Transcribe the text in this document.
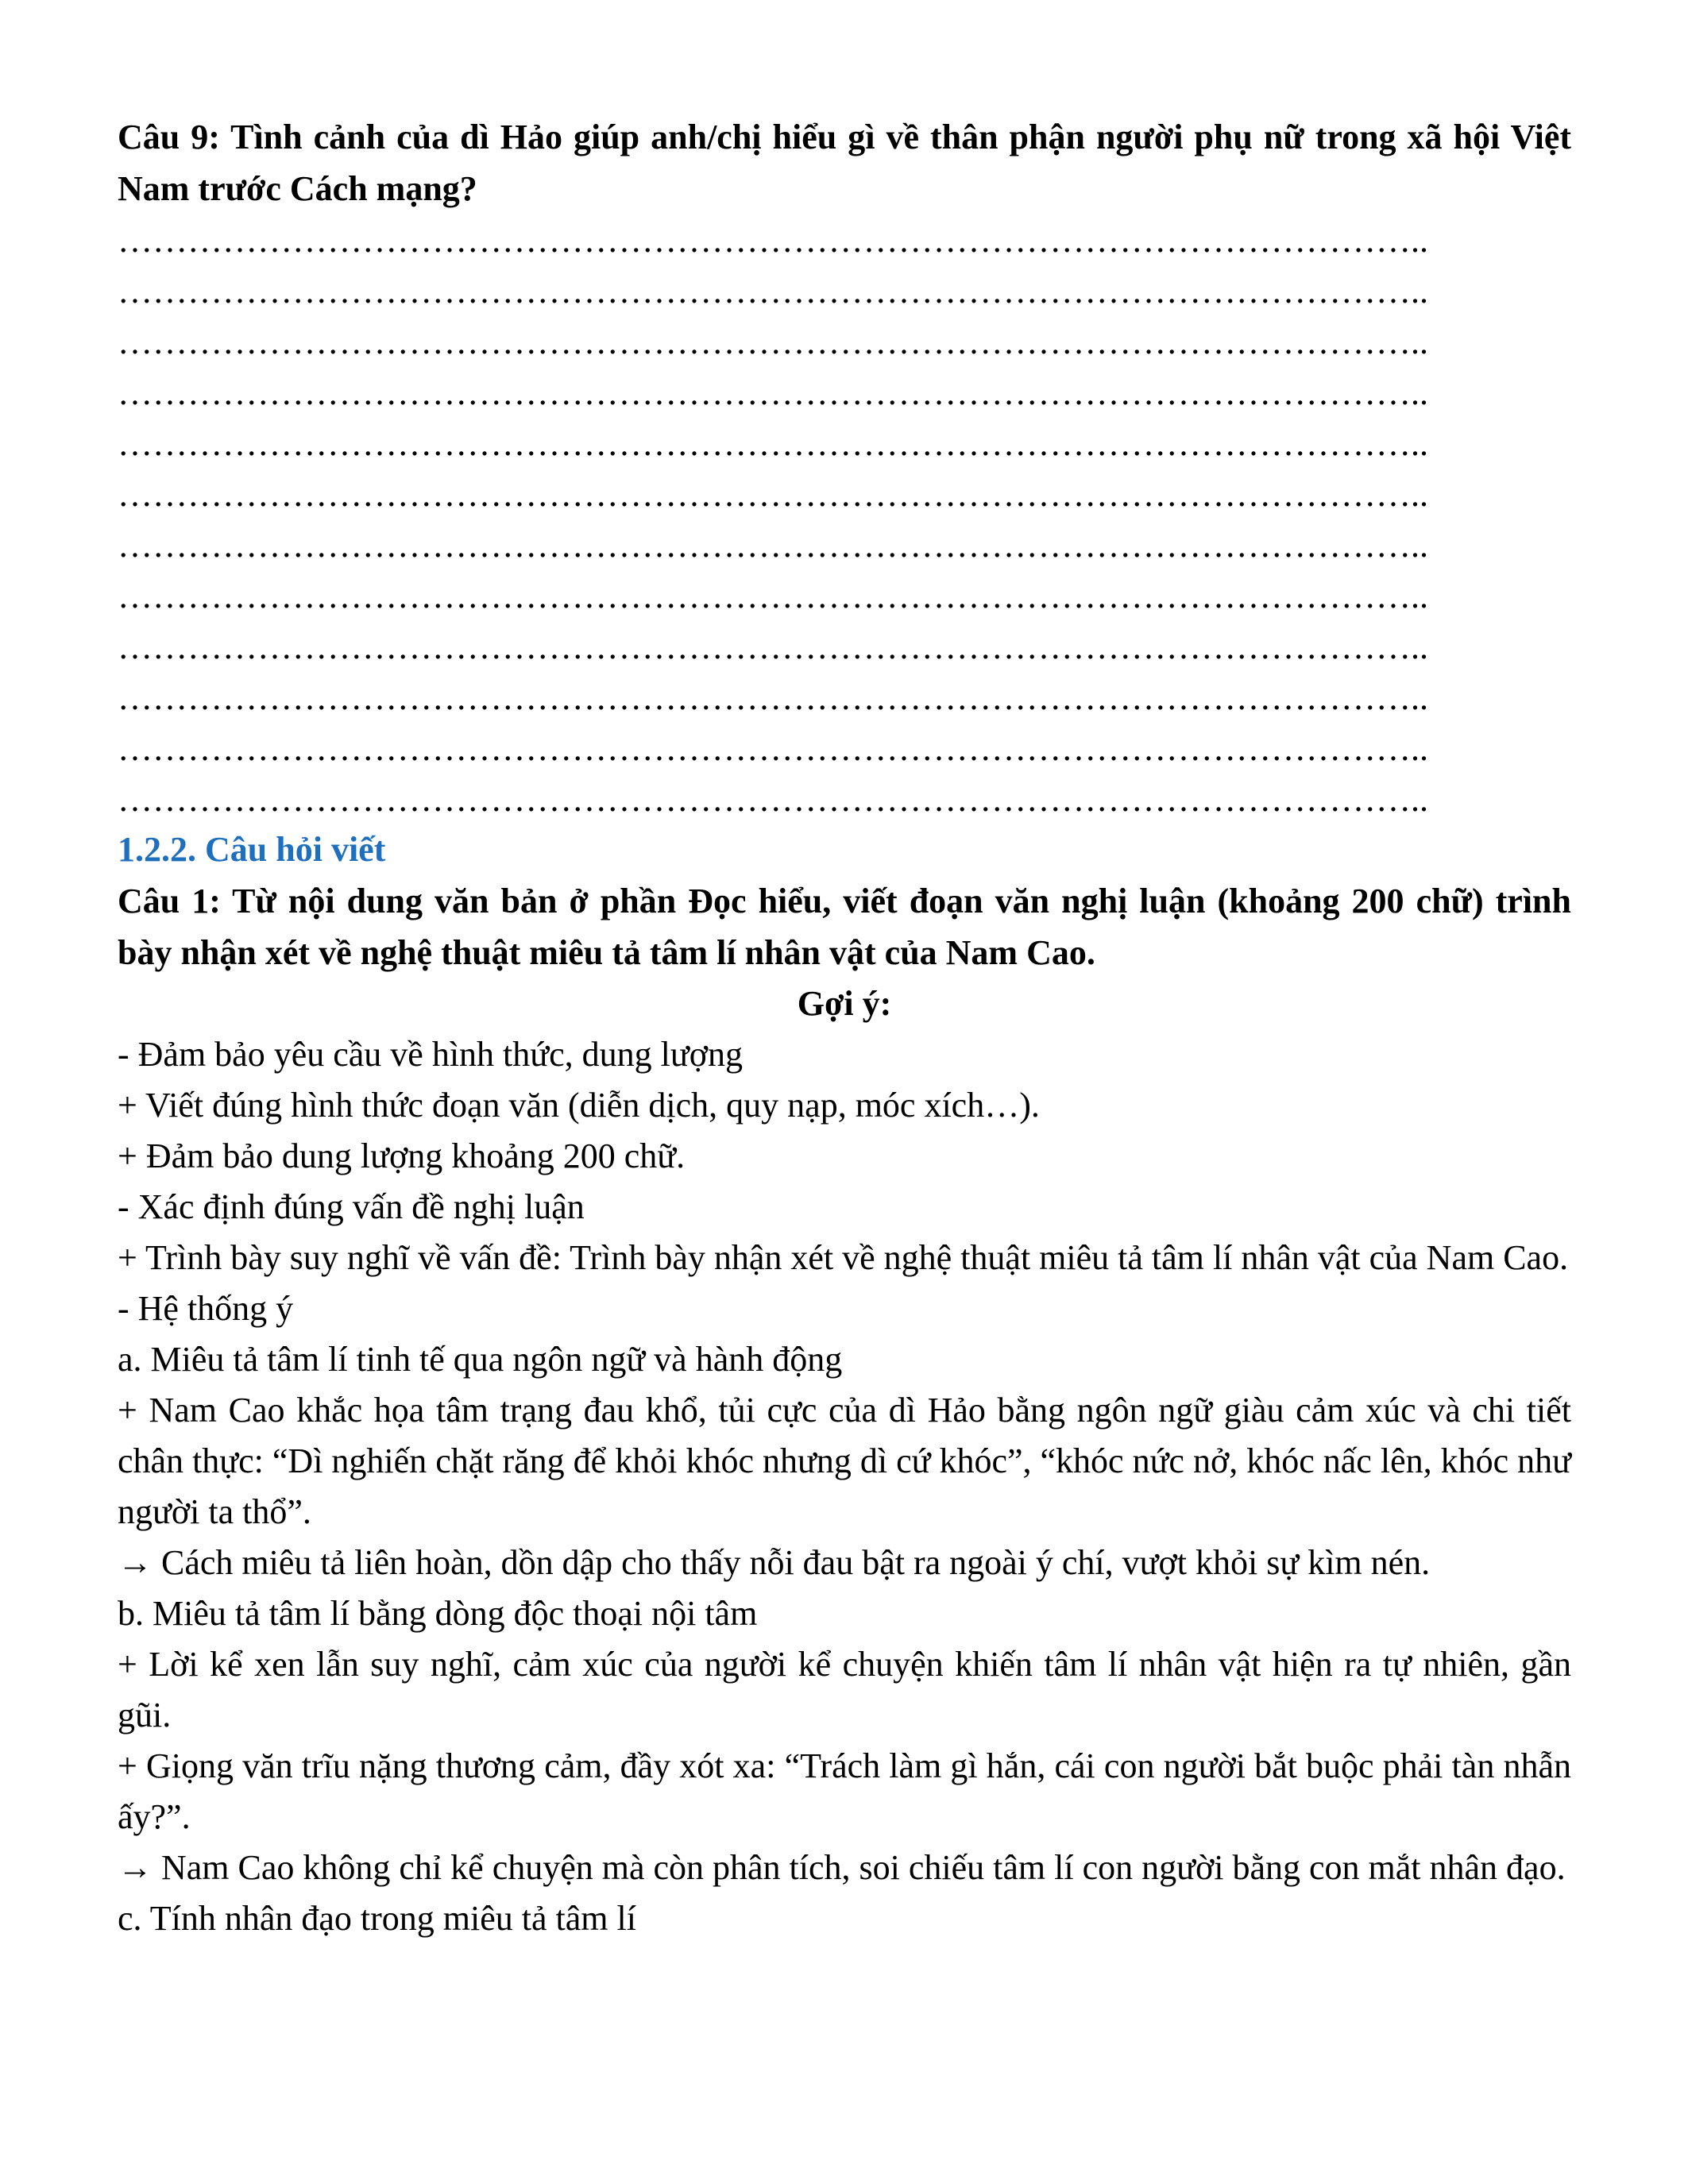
Câu 9: Tình cảnh của dì Hảo giúp anh/chị hiểu gì về thân phận người phụ nữ trong xã hội Việt Nam trước Cách mạng?

…………………………………………………………………………………………………..
…………………………………………………………………………………………………..
…………………………………………………………………………………………………..
…………………………………………………………………………………………………..
…………………………………………………………………………………………………..
…………………………………………………………………………………………………..
…………………………………………………………………………………………………..
…………………………………………………………………………………………………..
…………………………………………………………………………………………………..
…………………………………………………………………………………………………..
…………………………………………………………………………………………………..
…………………………………………………………………………………………………..

1.2.2. Câu hỏi viết

Câu 1: Từ nội dung văn bản ở phần Đọc hiểu, viết đoạn văn nghị luận (khoảng 200 chữ) trình bày nhận xét về nghệ thuật miêu tả tâm lí nhân vật của Nam Cao.

Gợi ý:

- Đảm bảo yêu cầu về hình thức, dung lượng

+ Viết đúng hình thức đoạn văn (diễn dịch, quy nạp, móc xích…).

+ Đảm bảo dung lượng khoảng 200 chữ.

- Xác định đúng vấn đề nghị luận

+ Trình bày suy nghĩ về vấn đề: Trình bày nhận xét về nghệ thuật miêu tả tâm lí nhân vật của Nam Cao.

- Hệ thống ý

a. Miêu tả tâm lí tinh tế qua ngôn ngữ và hành động

+ Nam Cao khắc họa tâm trạng đau khổ, tủi cực của dì Hảo bằng ngôn ngữ giàu cảm xúc và chi tiết chân thực: “Dì nghiến chặt răng để khỏi khóc nhưng dì cứ khóc”, “khóc nức nở, khóc nấc lên, khóc như người ta thổ”.

→ Cách miêu tả liên hoàn, dồn dập cho thấy nỗi đau bật ra ngoài ý chí, vượt khỏi sự kìm nén.

b. Miêu tả tâm lí bằng dòng độc thoại nội tâm

+ Lời kể xen lẫn suy nghĩ, cảm xúc của người kể chuyện khiến tâm lí nhân vật hiện ra tự nhiên, gần gũi.

+ Giọng văn trĩu nặng thương cảm, đầy xót xa: “Trách làm gì hắn, cái con người bắt buộc phải tàn nhẫn ấy?”.

→ Nam Cao không chỉ kể chuyện mà còn phân tích, soi chiếu tâm lí con người bằng con mắt nhân đạo.

c. Tính nhân đạo trong miêu tả tâm lí
